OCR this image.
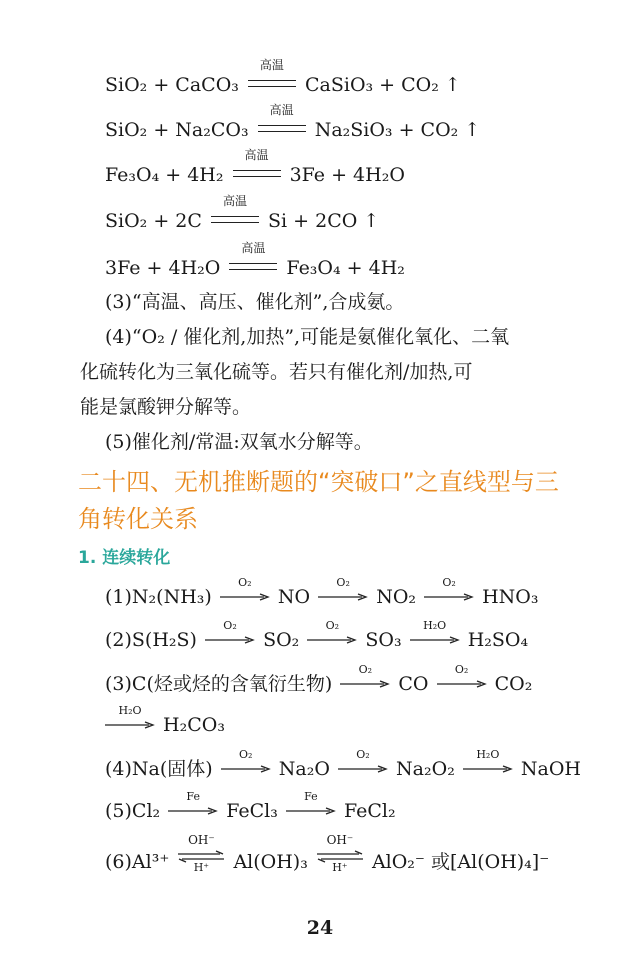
SiO₂ + CaCO₃
高温
CaSiO₃ + CO₂ ↑
SiO₂ + Na₂CO₃
高温
Na₂SiO₃ + CO₂ ↑
Fe₃O₄ + 4H₂
高温
3Fe + 4H₂O
SiO₂ + 2C
高温
Si + 2CO ↑
3Fe + 4H₂O
高温
Fe₃O₄ + 4H₂
(3)“高温、高压、催化剂”,合成氨。
(4)“O₂ / 催化剂,加热”,可能是氨催化氧化、二氧
化硫转化为三氧化硫等。若只有催化剂/加热,可
能是氯酸钾分解等。
(5)催化剂/常温:双氧水分解等。
二十四、无机推断题的“突破口”之直线型与三
角转化关系
1. 连续转化
(1)N₂(NH₃)
O₂
NO
O₂
NO₂
O₂
HNO₃
(2)S(H₂S)
O₂
SO₂
O₂
SO₃
H₂O
H₂SO₄
(3)C(烃或烃的含氧衍生物)
O₂
CO
O₂
CO₂
H₂O
H₂CO₃
(4)Na(固体)
O₂
Na₂O
O₂
Na₂O₂
H₂O
NaOH
(5)Cl₂
Fe
FeCl₃
Fe
FeCl₂
(6)Al³⁺
OH⁻
H⁺	Al(OH)₃
OH⁻
H⁺	AlO₂⁻ 或[Al(OH)₄]⁻
24
